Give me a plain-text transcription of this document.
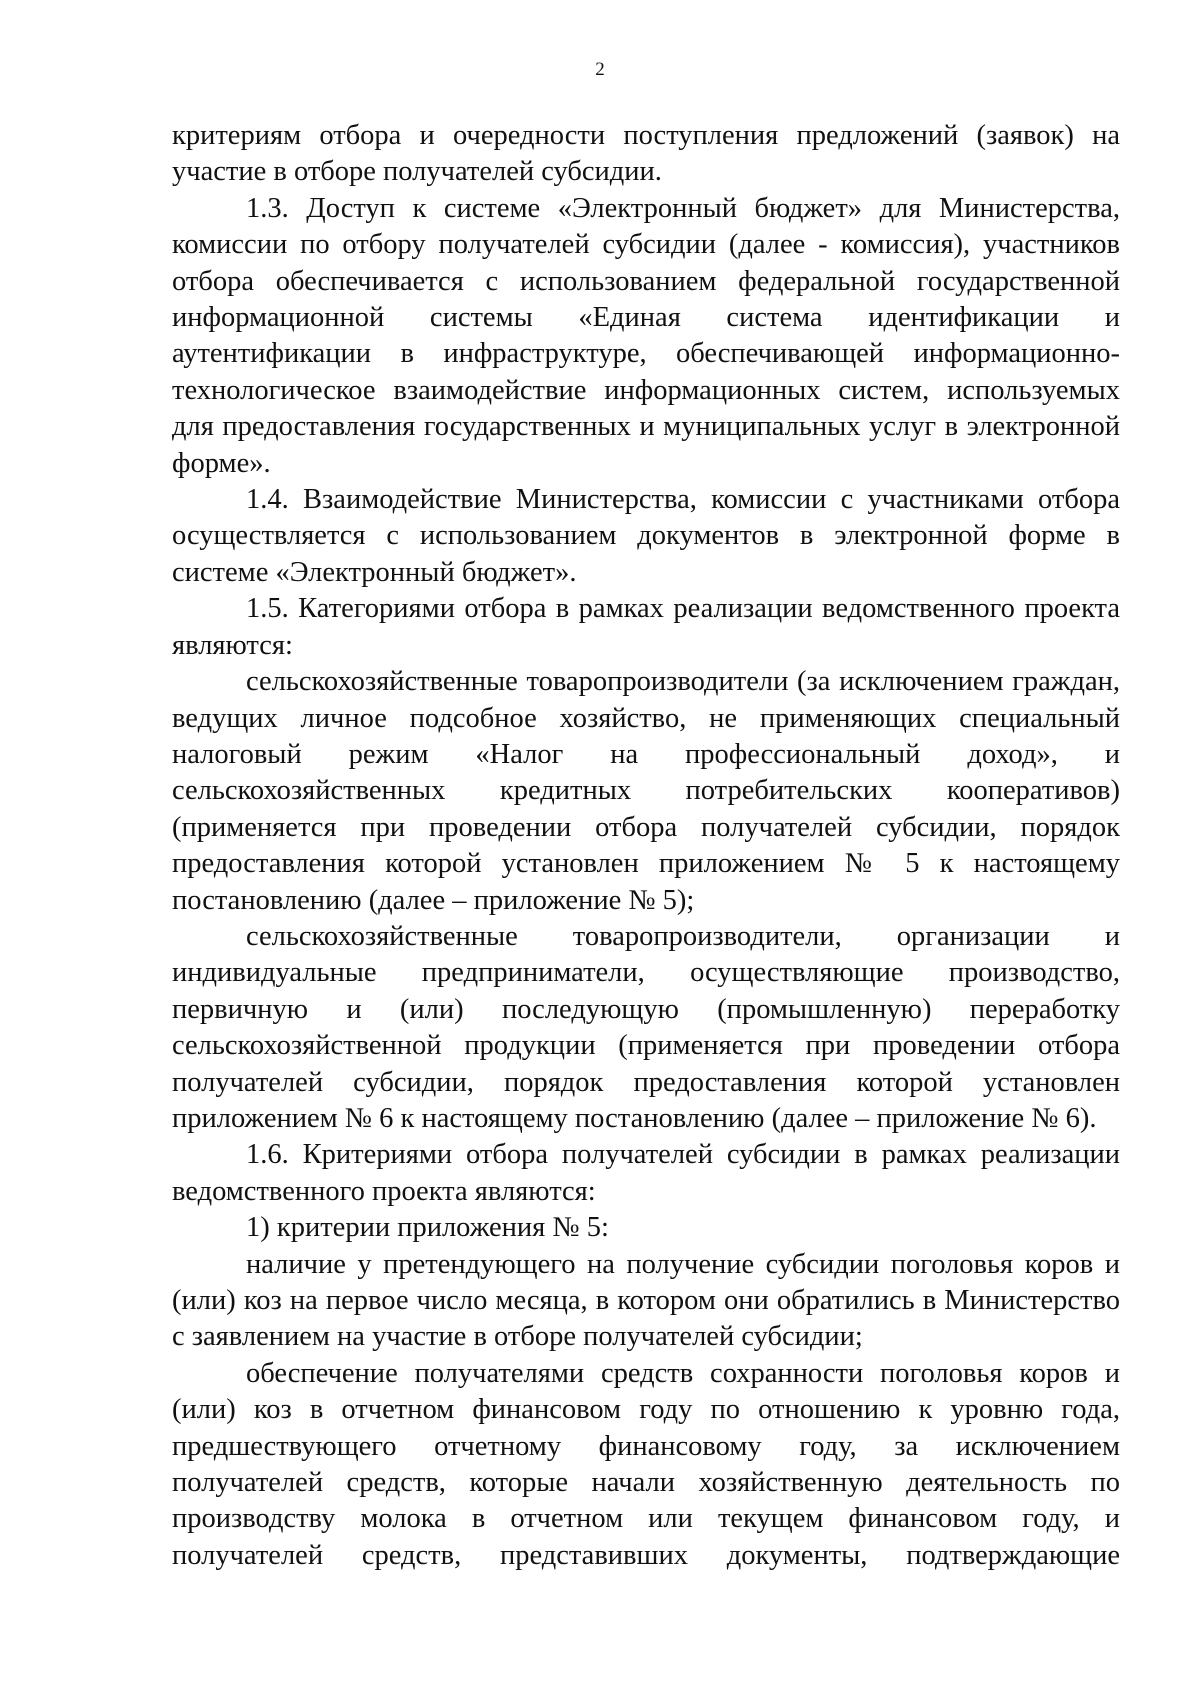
2

критериям отбора и очередности поступления предложений (заявок) на участие в отборе получателей субсидии.

1.3. Доступ к системе «Электронный бюджет» для Министерства, комиссии по отбору получателей субсидии (далее - комиссия), участников отбора обеспечивается с использованием федеральной государственной информационной системы «Единая система идентификации и аутентификации в инфраструктуре, обеспечивающей информационно-технологическое взаимодействие информационных систем, используемых для предоставления государственных и муниципальных услуг в электронной форме».

1.4. Взаимодействие Министерства, комиссии с участниками отбора осуществляется с использованием документов в электронной форме в системе «Электронный бюджет».

1.5. Категориями отбора в рамках реализации ведомственного проекта являются:

сельскохозяйственные товаропроизводители (за исключением граждан, ведущих личное подсобное хозяйство, не применяющих специальный налоговый режим «Налог на профессиональный доход», и сельскохозяйственных кредитных потребительских кооперативов) (применяется при проведении отбора получателей субсидии, порядок предоставления которой установлен приложением № 5 к настоящему постановлению (далее – приложение № 5);

сельскохозяйственные товаропроизводители, организации и индивидуальные предприниматели, осуществляющие производство, первичную и (или) последующую (промышленную) переработку сельскохозяйственной продукции (применяется при проведении отбора получателей субсидии, порядок предоставления которой установлен приложением № 6 к настоящему постановлению (далее – приложение № 6).

1.6. Критериями отбора получателей субсидии в рамках реализации ведомственного проекта являются:

1) критерии приложения № 5:

наличие у претендующего на получение субсидии поголовья коров и (или) коз на первое число месяца, в котором они обратились в Министерство с заявлением на участие в отборе получателей субсидии;

обеспечение получателями средств сохранности поголовья коров и (или) коз в отчетном финансовом году по отношению к уровню года, предшествующего отчетному финансовому году, за исключением получателей средств, которые начали хозяйственную деятельность по производству молока в отчетном или текущем финансовом году, и получателей средств, представивших документы, подтверждающие
